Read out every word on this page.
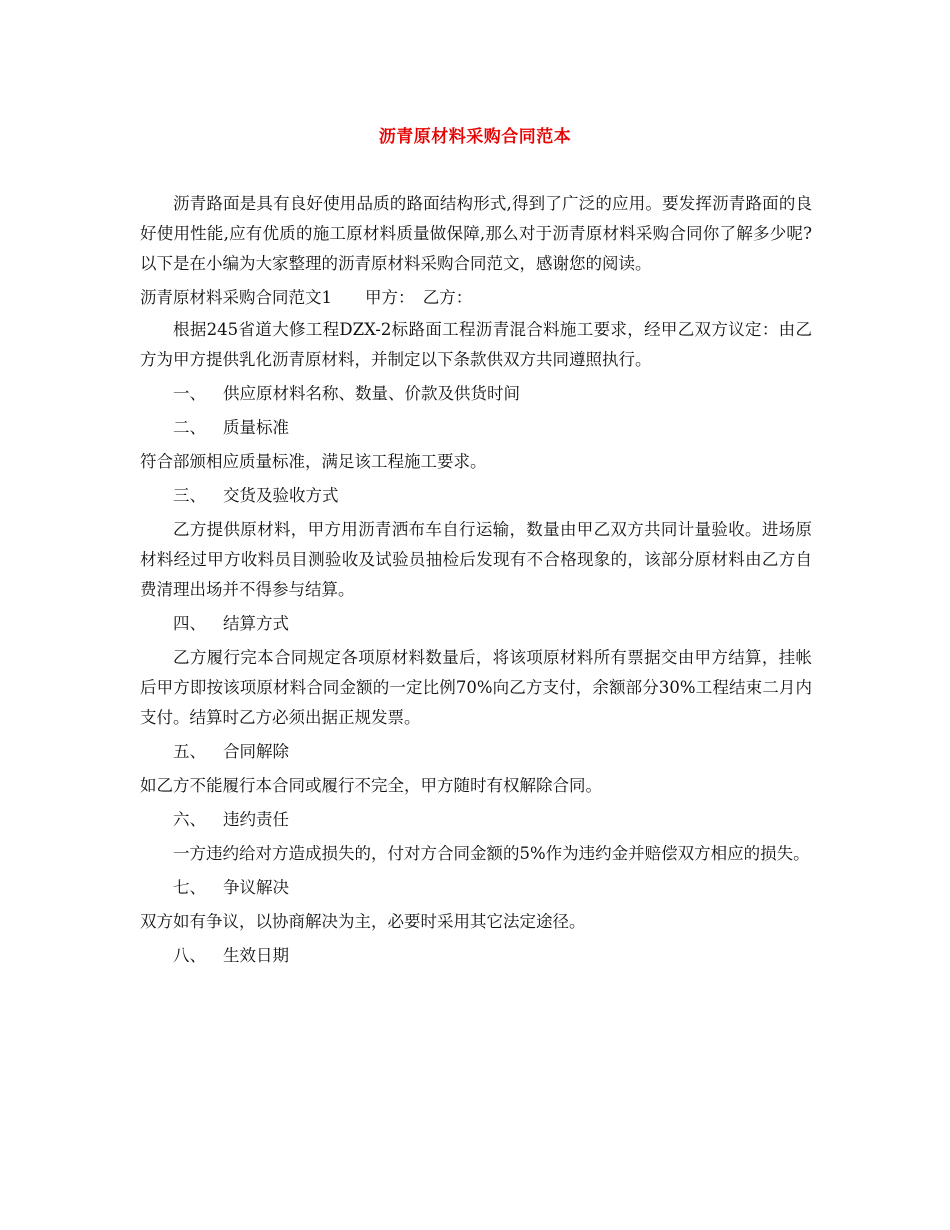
沥青原材料采购合同范本

沥青路面是具有良好使用品质的路面结构形式,得到了广泛的应用。要发挥沥青路面的良好使用性能,应有优质的施工原材料质量做保障,那么对于沥青原材料采购合同你了解多少呢?以下是在小编为大家整理的沥青原材料采购合同范文，感谢您的阅读。

沥青原材料采购合同范文1　　甲方：　乙方：

根据245省道大修工程DZX-2标路面工程沥青混合料施工要求，经甲乙双方议定：由乙方为甲方提供乳化沥青原材料，并制定以下条款供双方共同遵照执行。

一、 供应原材料名称、数量、价款及供货时间
二、 质量标准

符合部颁相应质量标准，满足该工程施工要求。

三、 交货及验收方式

乙方提供原材料，甲方用沥青洒布车自行运输，数量由甲乙双方共同计量验收。进场原材料经过甲方收料员目测验收及试验员抽检后发现有不合格现象的，该部分原材料由乙方自费清理出场并不得参与结算。

四、 结算方式

乙方履行完本合同规定各项原材料数量后，将该项原材料所有票据交由甲方结算，挂帐后甲方即按该项原材料合同金额的一定比例70%向乙方支付，余额部分30%工程结束二月内支付。结算时乙方必须出据正规发票。

五、 合同解除

如乙方不能履行本合同或履行不完全，甲方随时有权解除合同。

六、 违约责任

一方违约给对方造成损失的，付对方合同金额的5%作为违约金并赔偿双方相应的损失。

七、 争议解决

双方如有争议，以协商解决为主，必要时采用其它法定途径。

八、 生效日期
